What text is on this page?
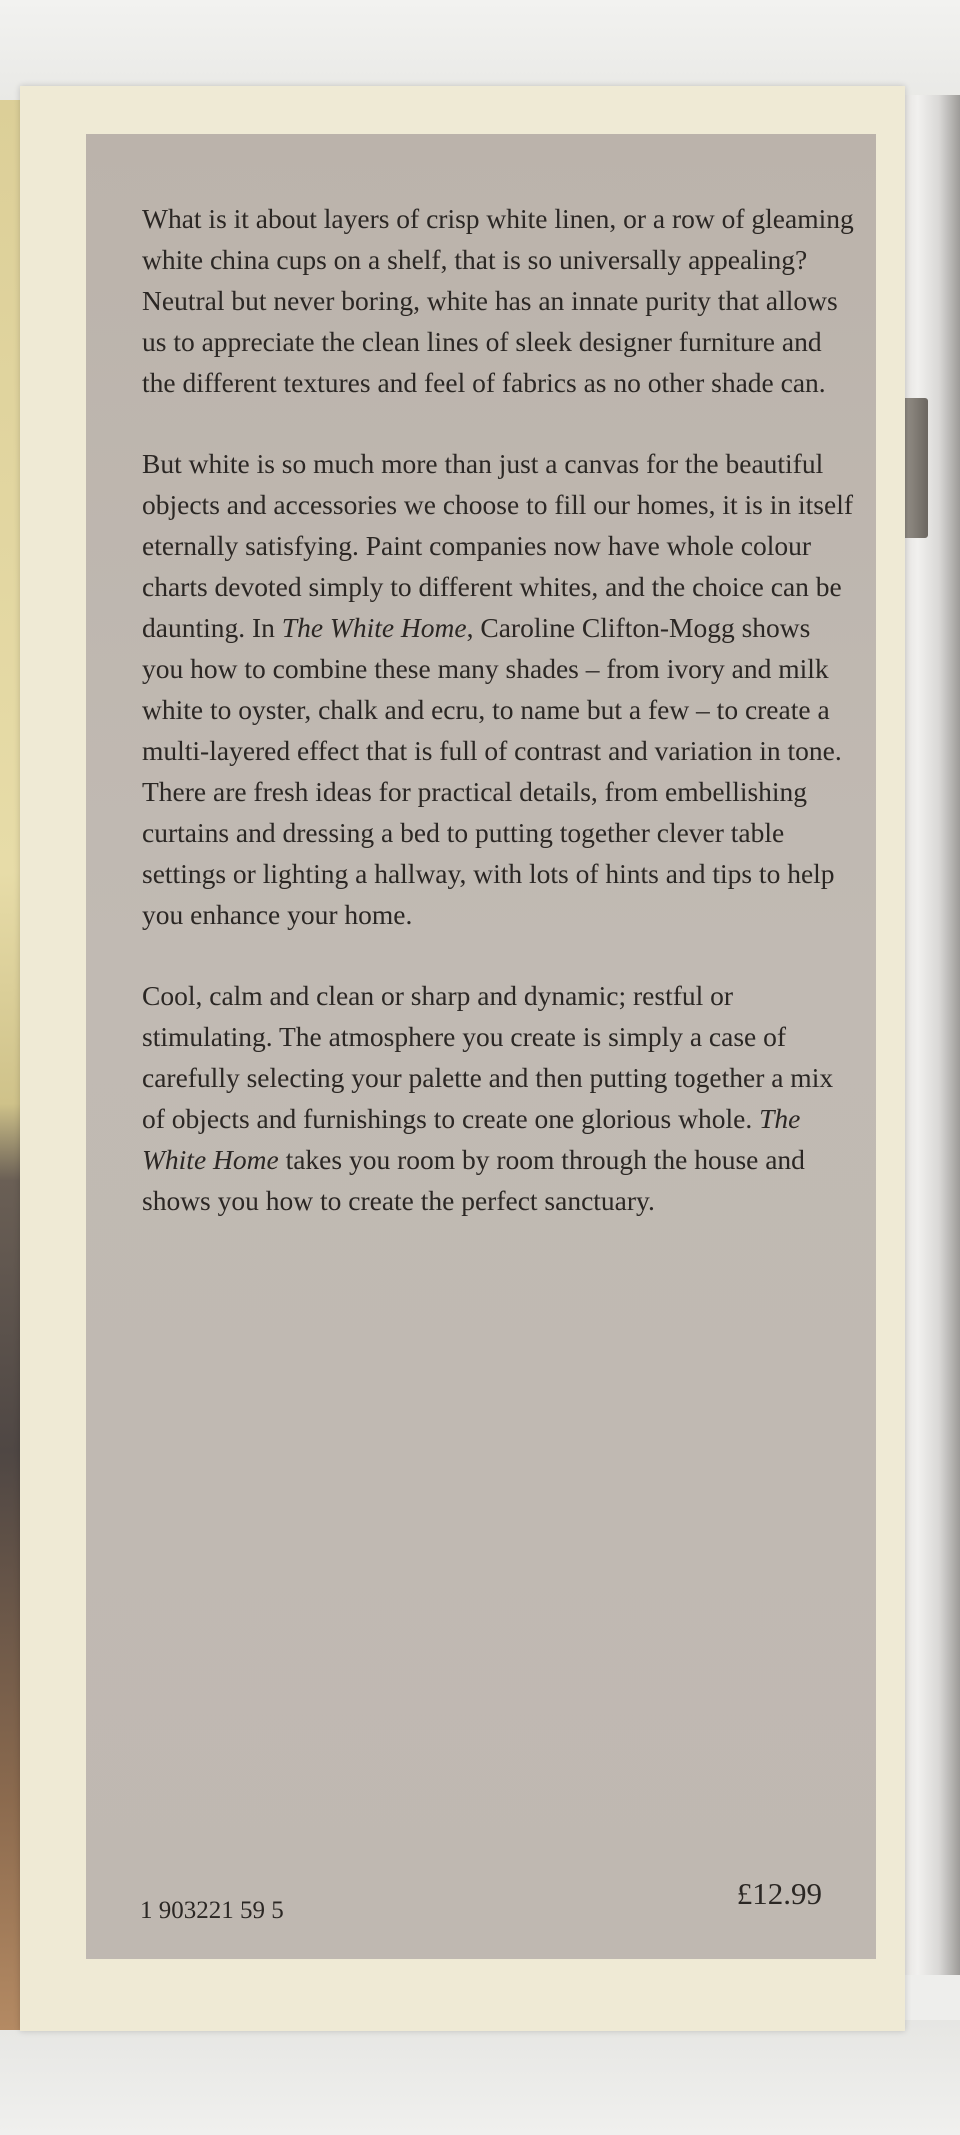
What is it about layers of crisp white linen, or a row of gleaming white china cups on a shelf, that is so universally appealing? Neutral but never boring, white has an innate purity that allows us to appreciate the clean lines of sleek designer furniture and the different textures and feel of fabrics as no other shade can.

But white is so much more than just a canvas for the beautiful objects and accessories we choose to fill our homes, it is in itself eternally satisfying. Paint companies now have whole colour charts devoted simply to different whites, and the choice can be daunting. In The White Home, Caroline Clifton-Mogg shows you how to combine these many shades – from ivory and milk white to oyster, chalk and ecru, to name but a few – to create a multi-layered effect that is full of contrast and variation in tone. There are fresh ideas for practical details, from embellishing curtains and dressing a bed to putting together clever table settings or lighting a hallway, with lots of hints and tips to help you enhance your home.

Cool, calm and clean or sharp and dynamic; restful or stimulating. The atmosphere you create is simply a case of carefully selecting your palette and then putting together a mix of objects and furnishings to create one glorious whole. The White Home takes you room by room through the house and shows you how to create the perfect sanctuary.

1 903221 59 5	£12.99
